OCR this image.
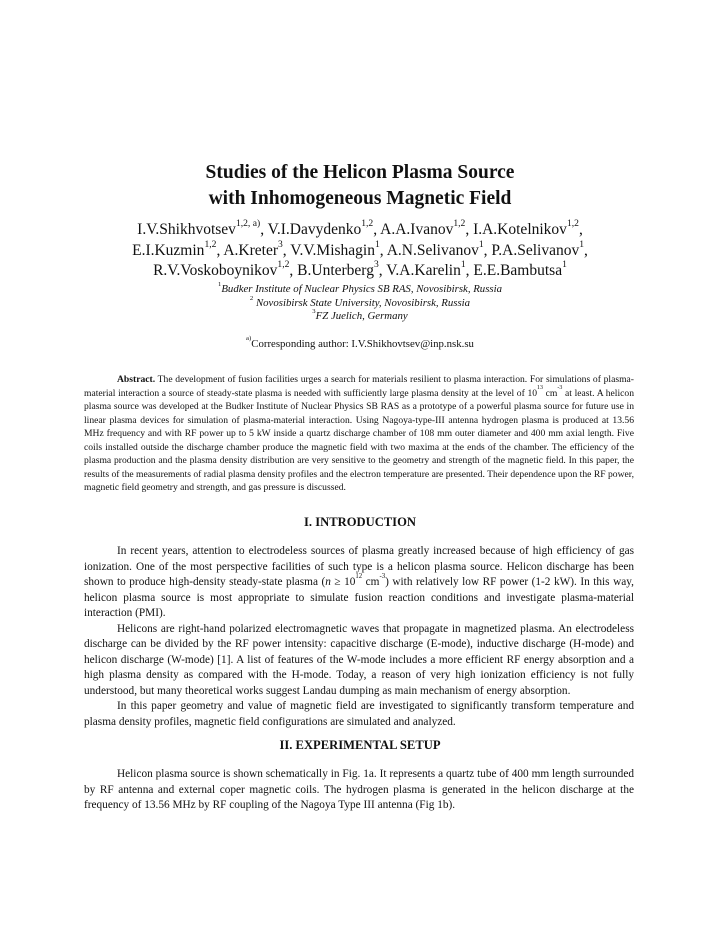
Studies of the Helicon Plasma Source
with Inhomogeneous Magnetic Field

I.V.Shikhvotsev$^{1,2, a)}$, V.I.Davydenko$^{1,2}$, A.A.Ivanov$^{1,2}$, I.A.Kotelnikov$^{1,2}$,

E.I.Kuzmin$^{1,2}$, A.Kreter$^3$, V.V.Mishagin$^1$, A.N.Selivanov$^1$, P.A.Selivanov$^1$,

R.V.Voskoboynikov$^{1,2}$, B.Unterberg$^3$, V.A.Karelin$^1$, E.E.Bambutsa$^1$

$^1$Budker Institute of Nuclear Physics SB RAS, Novosibirsk, Russia

$^2$ Novosibirsk State University, Novosibirsk, Russia

$^3$FZ Juelich, Germany

$^{a)}$Corresponding author: I.V.Shikhovtsev@inp.nsk.su

Abstract. The development of fusion facilities urges a search for materials resilient to plasma interaction. For simulations of plasma-material interaction a source of steady-state plasma is needed with sufficiently large plasma density at the level of $10^{13}$ $cm^{-3}$ at least. A helicon plasma source was developed at the Budker Institute of Nuclear Physics SB RAS as a prototype of a powerful plasma source for future use in linear plasma devices for simulation of plasma-material interaction. Using Nagoya-type-III antenna hydrogen plasma is produced at 13.56 MHz frequency and with RF power up to 5 kW inside a quartz discharge chamber of 108 mm outer diameter and 400 mm axial length. Five coils installed outside the discharge chamber produce the magnetic field with two maxima at the ends of the chamber. The efficiency of the plasma production and the plasma density distribution are very sensitive to the geometry and strength of the magnetic field. In this paper, the results of the measurements of radial plasma density profiles and the electron temperature are presented. Their dependence upon the RF power, magnetic field geometry and strength, and gas pressure is discussed.

I. INTRODUCTION

In recent years, attention to electrodeless sources of plasma greatly increased because of high efficiency of gas ionization. One of the most perspective facilities of such type is a helicon plasma source. Helicon discharge has been shown to produce high-density steady-state plasma ($n \ge 10^{12}$ $cm^{-3}$) with relatively low RF power (1-2 kW). In this way, helicon plasma source is most appropriate to simulate fusion reaction conditions and investigate plasma-material interaction (PMI).

Helicons are right-hand polarized electromagnetic waves that propagate in magnetized plasma. An electrodeless discharge can be divided by the RF power intensity: capacitive discharge (E-mode), inductive discharge (H-mode) and helicon discharge (W-mode) [1]. A list of features of the W-mode includes a more efficient RF energy absorption and a high plasma density as compared with the H-mode. Today, a reason of very high ionization efficiency is not fully understood, but many theoretical works suggest Landau dumping as main mechanism of energy absorption.

In this paper geometry and value of magnetic field are investigated to significantly transform temperature and plasma density profiles, magnetic field configurations are simulated and analyzed.

II. EXPERIMENTAL SETUP

Helicon plasma source is shown schematically in Fig. 1a. It represents a quartz tube of 400 mm length surrounded by RF antenna and external coper magnetic coils. The hydrogen plasma is generated in the helicon discharge at the frequency of 13.56 MHz by RF coupling of the Nagoya Type III antenna (Fig 1b).
